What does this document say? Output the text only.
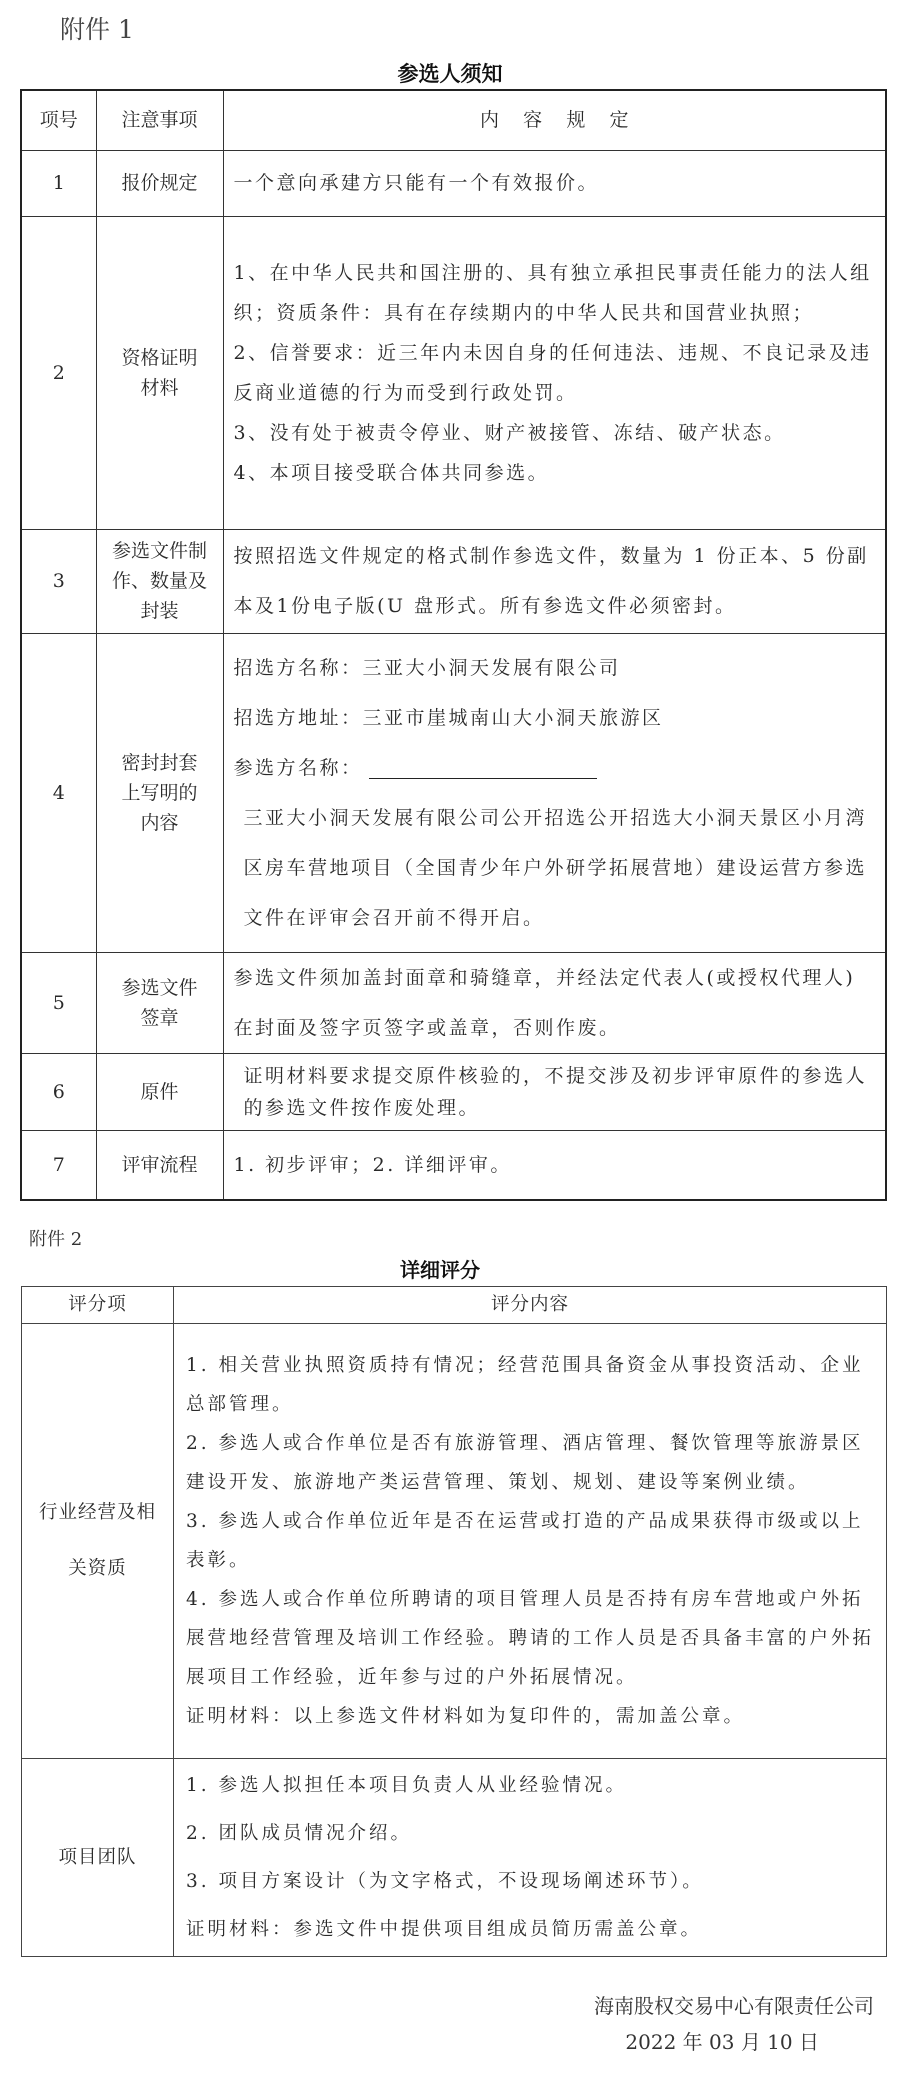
附件 1
参选人须知
项号	注意事项	内    容    规    定
1	报价规定	一个意向承建方只能有一个有效报价。
2	资格证明材料	1、在中华人民共和国注册的、具有独立承担民事责任能力的法人组织；资质条件：具有在存续期内的中华人民共和国营业执照；

2、信誉要求：近三年内未因自身的任何违法、违规、不良记录及违反商业道德的行为而受到行政处罚。

3、没有处于被责令停业、财产被接管、冻结、破产状态。

4、本项目接受联合体共同参选。

3	参选文件制作、数量及封装	按照招选文件规定的格式制作参选文件，数量为 1 份正本、5 份副本及1份电子版(U 盘形式。所有参选文件必须密封。
4	密封封套上写明的内容	招选方名称：三亚大小洞天发展有限公司

招选方地址：三亚市崖城南山大小洞天旅游区

参选方名称：

三亚大小洞天发展有限公司公开招选公开招选大小洞天景区小月湾区房车营地项目（全国青少年户外研学拓展营地）建设运营方参选文件在评审会召开前不得开启。

5	参选文件签章	参选文件须加盖封面章和骑缝章，并经法定代表人(或授权代理人)在封面及签字页签字或盖章，否则作废。
6	原件	证明材料要求提交原件核验的，不提交涉及初步评审原件的参选人的参选文件按作废处理。
7	评审流程	1. 初步评审；2. 详细评审。
附件 2
详细评分
评分项	评分内容
行业经营及相关资质	1. 相关营业执照资质持有情况；经营范围具备资金从事投资活动、企业总部管理。

2. 参选人或合作单位是否有旅游管理、酒店管理、餐饮管理等旅游景区建设开发、旅游地产类运营管理、策划、规划、建设等案例业绩。

3. 参选人或合作单位近年是否在运营或打造的产品成果获得市级或以上表彰。

4. 参选人或合作单位所聘请的项目管理人员是否持有房车营地或户外拓展营地经营管理及培训工作经验。聘请的工作人员是否具备丰富的户外拓展项目工作经验，近年参与过的户外拓展情况。

证明材料：以上参选文件材料如为复印件的，需加盖公章。

项目团队	1. 参选人拟担任本项目负责人从业经验情况。

2. 团队成员情况介绍。

3. 项目方案设计（为文字格式，不设现场阐述环节）。

证明材料：参选文件中提供项目组成员简历需盖公章。

海南股权交易中心有限责任公司
2022 年 03 月 10 日
